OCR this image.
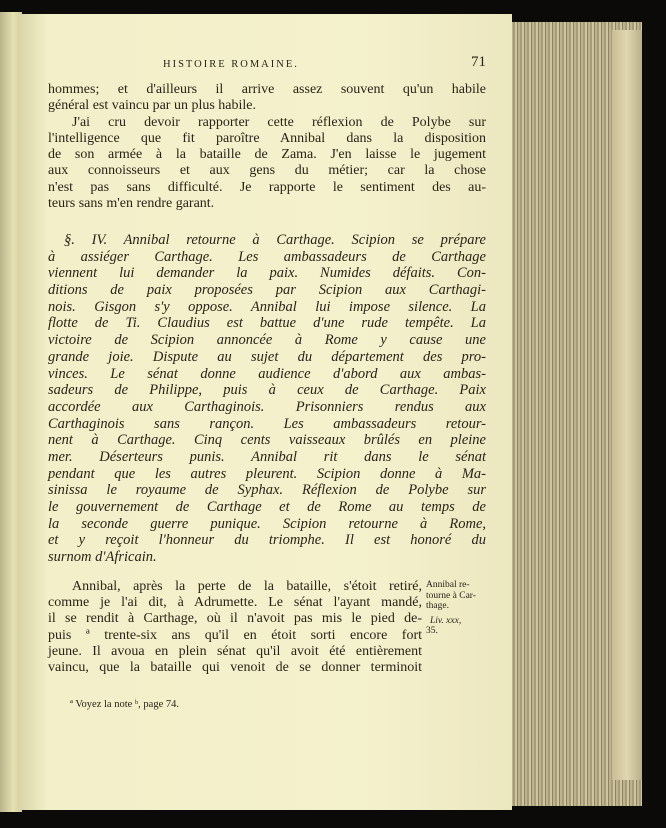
HISTOIRE ROMAINE.	71
hommes; et d'ailleurs il arrive assez souvent qu'un habile
général est vaincu par un plus habile.
J'ai cru devoir rapporter cette réflexion de Polybe sur
l'intelligence que fit paroître Annibal dans la disposition
de son armée à la bataille de Zama. J'en laisse le jugement
aux connoisseurs et aux gens du métier; car la chose
n'est pas sans difficulté. Je rapporte le sentiment des au-
teurs sans m'en rendre garant.
§. IV. Annibal retourne à Carthage. Scipion se prépare
à assiéger Carthage. Les ambassadeurs de Carthage
viennent lui demander la paix. Numides défaits. Con-
ditions de paix proposées par Scipion aux Carthagi-
nois. Gisgon s'y oppose. Annibal lui impose silence. La
flotte de Ti. Claudius est battue d'une rude tempête. La
victoire de Scipion annoncée à Rome y cause une
grande joie. Dispute au sujet du département des pro-
vinces. Le sénat donne audience d'abord aux ambas-
sadeurs de Philippe, puis à ceux de Carthage. Paix
accordée aux Carthaginois. Prisonniers rendus aux
Carthaginois sans rançon. Les ambassadeurs retour-
nent à Carthage. Cinq cents vaisseaux brûlés en pleine
mer. Déserteurs punis. Annibal rit dans le sénat
pendant que les autres pleurent. Scipion donne à Ma-
sinissa le royaume de Syphax. Réflexion de Polybe sur
le gouvernement de Carthage et de Rome au temps de
la seconde guerre punique. Scipion retourne à Rome,
et y reçoit l'honneur du triomphe. Il est honoré du
surnom d'Africain.
Annibal, après la perte de la bataille, s'étoit retiré,
comme je l'ai dit, à Adrumette. Le sénat l'ayant mandé,
il se rendit à Carthage, où il n'avoit pas mis le pied de-
puis ª trente-six ans qu'il en étoit sorti encore fort
jeune. Il avoua en plein sénat qu'il avoit été entièrement
vaincu, que la bataille qui venoit de se donner terminoit
Annibal re-
tourne à Car-
thage.
Liv. xxx,
35.
ª Voyez la note ᵇ, page 74.
